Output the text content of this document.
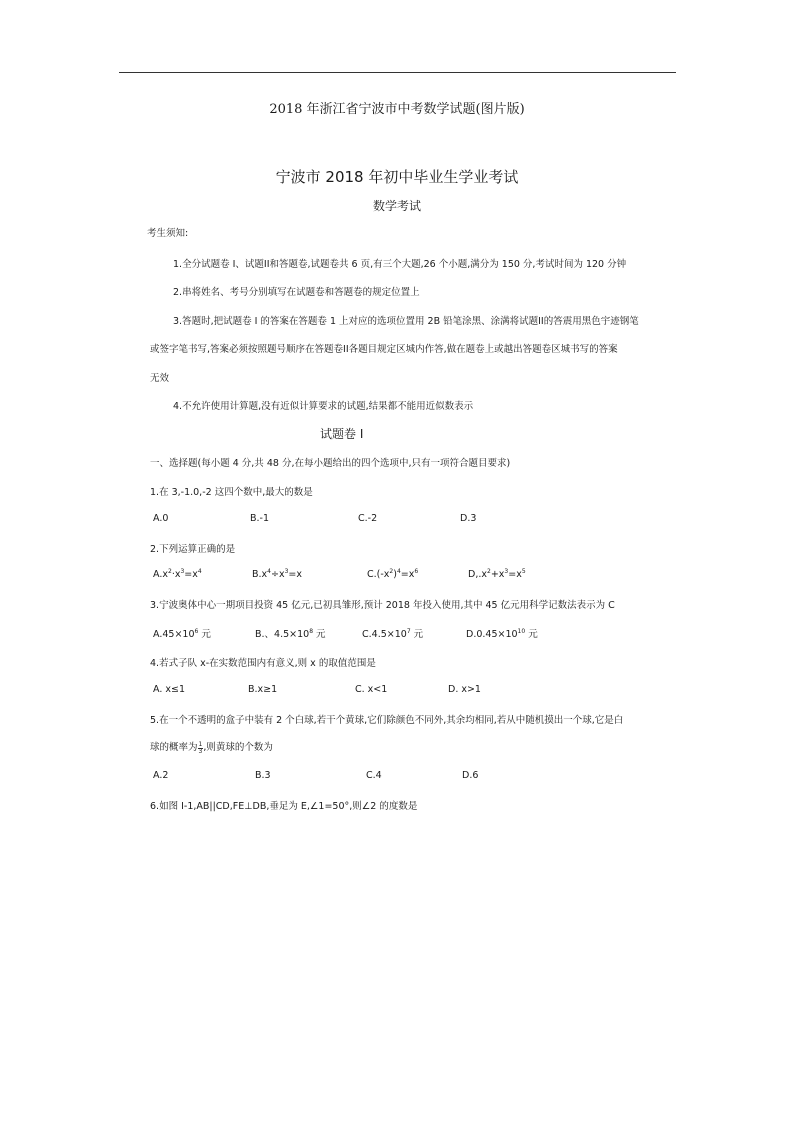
2018 年浙江省宁波市中考数学试题(图片版)
宁波市 2018 年初中毕业生学业考试
数学考试
考生须知:
1.全分试题卷 I、试题II和答题卷,试题卷共 6 页,有三个大题,26 个小题,满分为 150 分,考试时间为 120 分钟
2.串将姓名、考号分别填写在试题卷和答题卷的规定位置上
3.答题时,把试题卷 I 的答案在答题卷 1 上对应的选项位置用 2B 铅笔涂黑、涂满将试题II的答震用黑色宇迹钢笔
或签字笔书写,答案必须按照题号顺序在答题卷II各题目规定区城内作答,做在题卷上或越出答题卷区城书写的答案
无效
4.不允许使用计算题,没有近似计算要求的试题,结果都不能用近似数表示
试题卷 I
一、选择题(每小题 4 分,共 48 分,在每小题给出的四个选项中,只有一项符合题目要求)
1.在 3,-1.0,-2 这四个数中,最大的数是
A.0	B.-1	C.-2	D.3
2.下列运算正确的是
$A.x^2\cdot x^3=x^4$	$B.x^4\div x^3=x$	$C.(-x^2)^4=x^6$	$D,.x^2+x^3=x^5$
3.宁波奥体中心一期项目投资 45 亿元,已初具雏形,预计 2018 年投入使用,其中 45 亿元用科学记数法表示为 C
$A.45\times 10^6$ 元	B.、$4.5\times 10^8$ 元	$C.4.5\times 10^7$ 元	$D.0.45\times 10^{10}$ 元
4.若式子队 x-在实数范围内有意义,则 x 的取值范围是
A. x≤1	B.x≥1	C. x<1	D. x>1
5.在一个不透明的盒子中装有 2 个白球,若干个黄球,它们除颜色不同外,其余均相同,若从中随机摸出一个球,它是白
球的概率为 $\frac{1}{3}$ ,则黄球的个数为
A.2	B.3	C.4	D.6
6.如图 I-1,AB||CD,FE⊥DB,垂足为 E,∠1=50°,则∠2 的度数是
